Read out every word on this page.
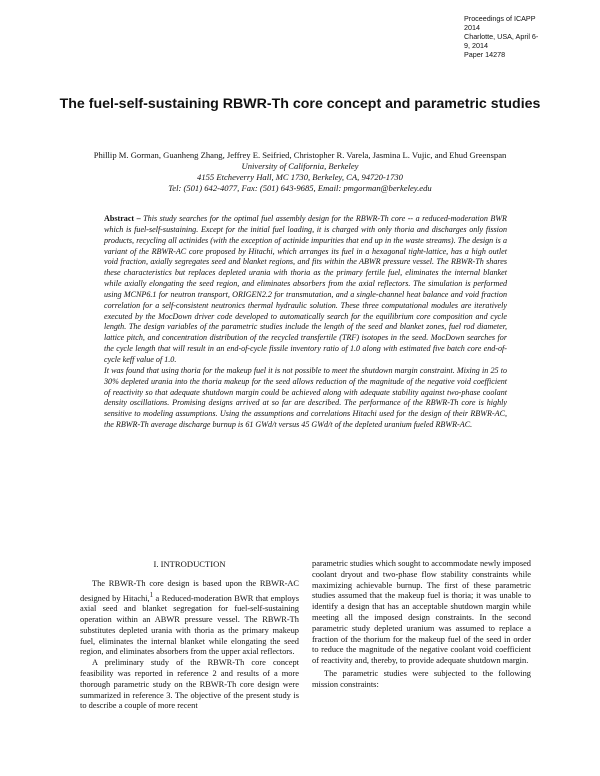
Proceedings of ICAPP 2014
Charlotte, USA, April 6-9, 2014
Paper 14278
The fuel-self-sustaining RBWR-Th core concept and parametric studies
Phillip M. Gorman, Guanheng Zhang, Jeffrey E. Seifried, Christopher R. Varela, Jasmina L. Vujic, and Ehud Greenspan
University of California, Berkeley
4155 Etcheverry Hall, MC 1730, Berkeley, CA, 94720-1730
Tel: (501) 642-4077, Fax: (501) 643-9685, Email: pmgorman@berkeley.edu

Abstract – This study searches for the optimal fuel assembly design for the RBWR-Th core -- a reduced-moderation BWR which is fuel-self-sustaining. Except for the initial fuel loading, it is charged with only thoria and discharges only fission products, recycling all actinides (with the exception of actinide impurities that end up in the waste streams). The design is a variant of the RBWR-AC core proposed by Hitachi, which arranges its fuel in a hexagonal tight-lattice, has a high outlet void fraction, axially segregates seed and blanket regions, and fits within the ABWR pressure vessel. The RBWR-Th shares these characteristics but replaces depleted urania with thoria as the primary fertile fuel, eliminates the internal blanket while axially elongating the seed region, and eliminates absorbers from the axial reflectors. The simulation is performed using MCNP6.1 for neutron transport, ORIGEN2.2 for transmutation, and a single-channel heat balance and void fraction correlation for a self-consistent neutronics thermal hydraulic solution. These three computational modules are iteratively executed by the MocDown driver code developed to automatically search for the equilibrium core composition and cycle length. The design variables of the parametric studies include the length of the seed and blanket zones, fuel rod diameter, lattice pitch, and concentration distribution of the recycled transfertile (TRF) isotopes in the seed. MocDown searches for the cycle length that will result in an end-of-cycle fissile inventory ratio of 1.0 along with estimated five batch core end-of-cycle keff value of 1.0.

It was found that using thoria for the makeup fuel it is not possible to meet the shutdown margin constraint. Mixing in 25 to 30% depleted urania into the thoria makeup for the seed allows reduction of the magnitude of the negative void coefficient of reactivity so that adequate shutdown margin could be achieved along with adequate stability against two-phase coolant density oscillations. Promising designs arrived at so far are described. The performance of the RBWR-Th core is highly sensitive to modeling assumptions. Using the assumptions and correlations Hitachi used for the design of their RBWR-AC, the RBWR-Th average discharge burnup is 61 GWd/t versus 45 GWd/t of the depleted uranium fueled RBWR-AC.

I. INTRODUCTION

The RBWR-Th core design is based upon the RBWR-AC designed by Hitachi,$^1$ a Reduced-moderation BWR that employs axial seed and blanket segregation for fuel-self-sustaining operation within an ABWR pressure vessel. The RBWR-Th substitutes depleted urania with thoria as the primary makeup fuel, eliminates the internal blanket while elongating the seed region, and eliminates absorbers from the upper axial reflectors.

A preliminary study of the RBWR-Th core concept feasibility was reported in reference 2 and results of a more thorough parametric study on the RBWR-Th core design were summarized in reference 3. The objective of the present study is to describe a couple of more recent

parametric studies which sought to accommodate newly imposed coolant dryout and two-phase flow stability constraints while maximizing achievable burnup. The first of these parametric studies assumed that the makeup fuel is thoria; it was unable to identify a design that has an acceptable shutdown margin while meeting all the imposed design constraints. In the second parametric study depleted uranium was assumed to replace a fraction of the thorium for the makeup fuel of the seed in order to reduce the magnitude of the negative coolant void coefficient of reactivity and, thereby, to provide adequate shutdown margin.

The parametric studies were subjected to the following mission constraints:
